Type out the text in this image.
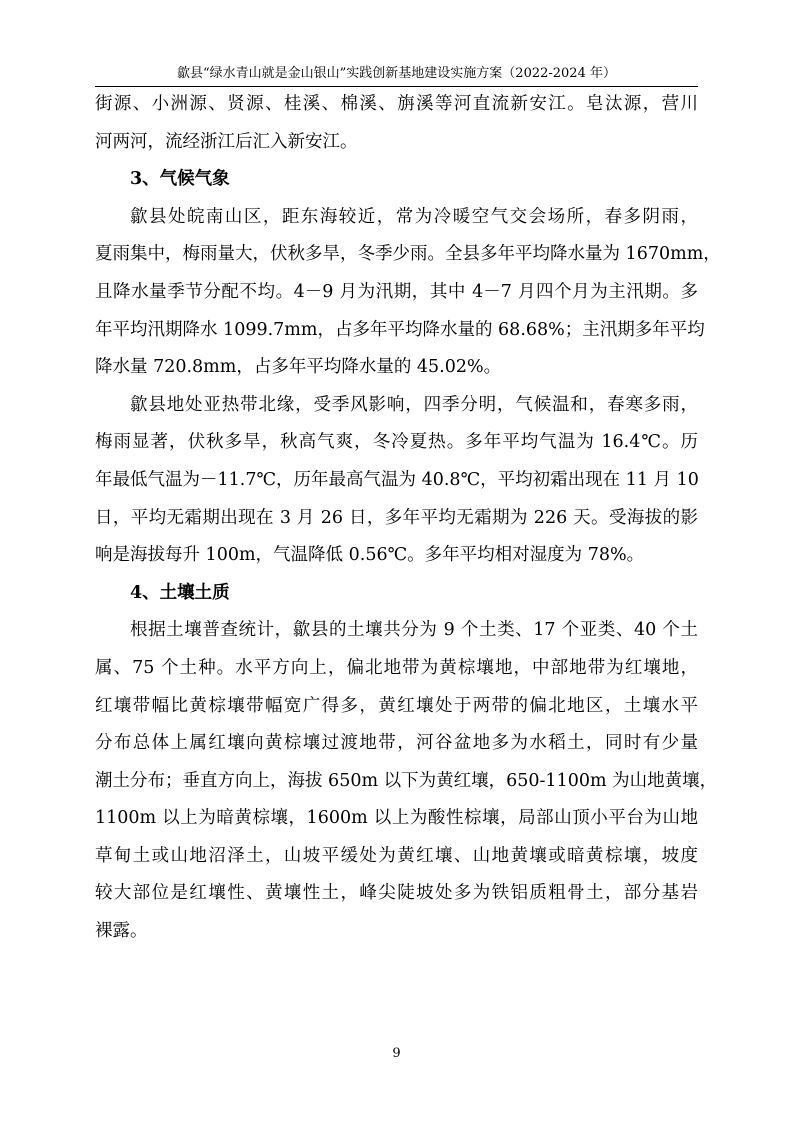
歙县“绿水青山就是金山银山”实践创新基地建设实施方案（2022-2024 年）
街源、小洲源、贤源、桂溪、棉溪、旃溪等河直流新安江。皂汰源，营川
河两河，流经浙江后汇入新安江。
3、气候气象
歙县处皖南山区，距东海较近，常为冷暖空气交会场所，春多阴雨，
夏雨集中，梅雨量大，伏秋多旱，冬季少雨。全县多年平均降水量为 1670mm，
且降水量季节分配不均。4－9 月为汛期，其中 4－7 月四个月为主汛期。多
年平均汛期降水 1099.7mm，占多年平均降水量的 68.68%；主汛期多年平均
降水量 720.8mm，占多年平均降水量的 45.02%。
歙县地处亚热带北缘，受季风影响，四季分明，气候温和，春寒多雨，
梅雨显著，伏秋多旱，秋高气爽，冬冷夏热。多年平均气温为 16.4℃。历
年最低气温为－11.7℃，历年最高气温为 40.8℃，平均初霜出现在 11 月 10
日，平均无霜期出现在 3 月 26 日，多年平均无霜期为 226 天。受海拔的影
响是海拔每升 100m，气温降低 0.56℃。多年平均相对湿度为 78%。
4、土壤土质
根据土壤普查统计，歙县的土壤共分为 9 个土类、17 个亚类、40 个土
属、75 个土种。水平方向上，偏北地带为黄棕壤地，中部地带为红壤地，
红壤带幅比黄棕壤带幅宽广得多，黄红壤处于两带的偏北地区，土壤水平
分布总体上属红壤向黄棕壤过渡地带，河谷盆地多为水稻土，同时有少量
潮土分布；垂直方向上，海拔 650m 以下为黄红壤，650-1100m 为山地黄壤，
1100m 以上为暗黄棕壤，1600m 以上为酸性棕壤，局部山顶小平台为山地
草甸土或山地沼泽土，山坡平缓处为黄红壤、山地黄壤或暗黄棕壤，坡度
较大部位是红壤性、黄壤性土，峰尖陡坡处多为铁铝质粗骨土，部分基岩
裸露。
9
